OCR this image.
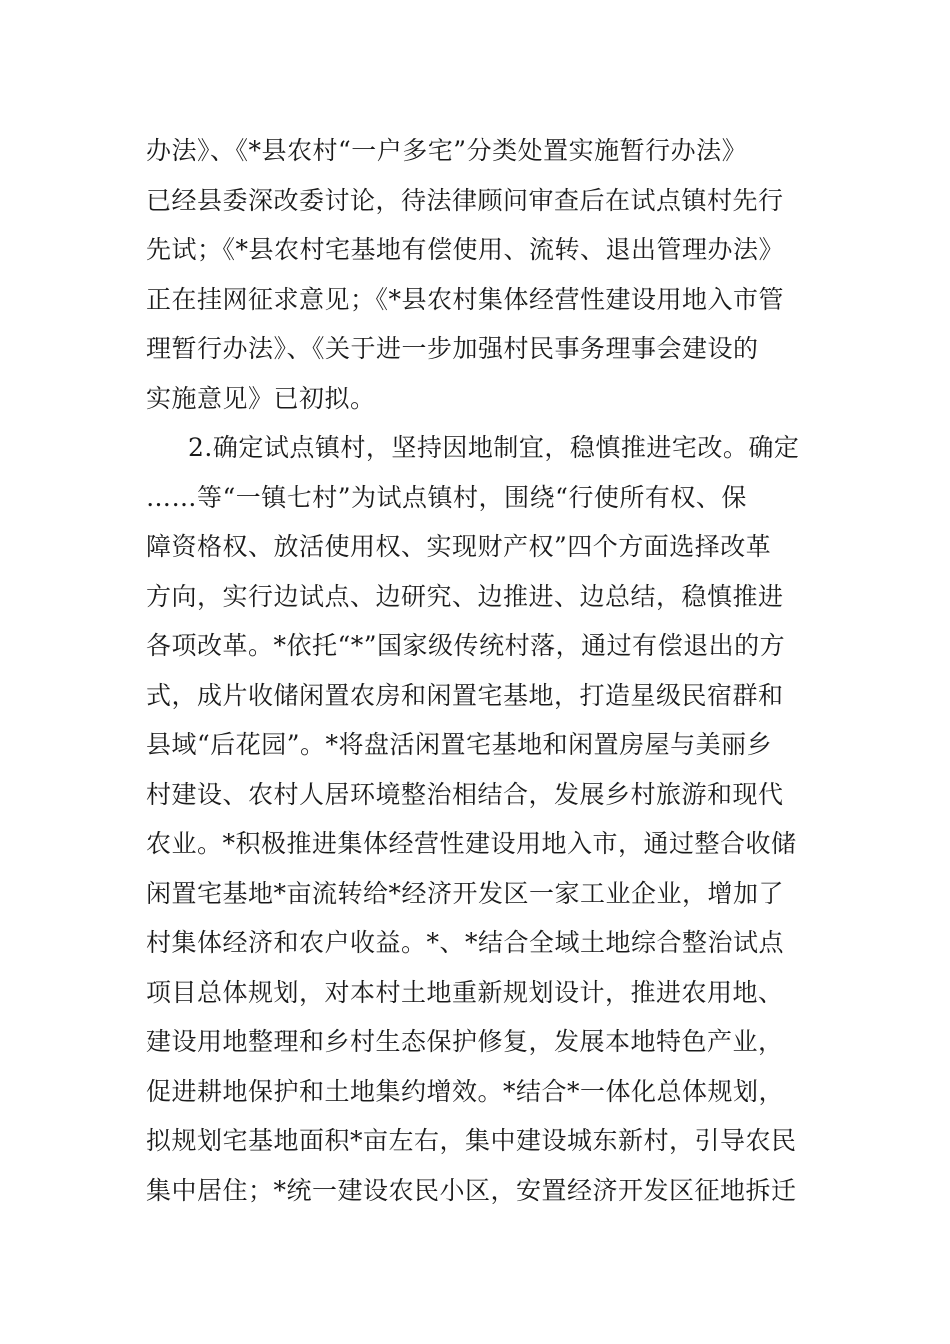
办法》、《*县农村“一户多宅”分类处置实施暂行办法》
已经县委深改委讨论，待法律顾问审查后在试点镇村先行
先试；《*县农村宅基地有偿使用、流转、退出管理办法》
正在挂网征求意见；《*县农村集体经营性建设用地入市管
理暂行办法》、《关于进一步加强村民事务理事会建设的
实施意见》已初拟。
2.确定试点镇村，坚持因地制宜，稳慎推进宅改。确定
……等“一镇七村”为试点镇村，围绕“行使所有权、保
障资格权、放活使用权、实现财产权”四个方面选择改革
方向，实行边试点、边研究、边推进、边总结，稳慎推进
各项改革。*依托“*”国家级传统村落，通过有偿退出的方
式，成片收储闲置农房和闲置宅基地，打造星级民宿群和
县域“后花园”。*将盘活闲置宅基地和闲置房屋与美丽乡
村建设、农村人居环境整治相结合，发展乡村旅游和现代
农业。*积极推进集体经营性建设用地入市，通过整合收储
闲置宅基地*亩流转给*经济开发区一家工业企业，增加了
村集体经济和农户收益。*、*结合全域土地综合整治试点
项目总体规划，对本村土地重新规划设计，推进农用地、
建设用地整理和乡村生态保护修复，发展本地特色产业，
促进耕地保护和土地集约增效。*结合*一体化总体规划，
拟规划宅基地面积*亩左右，集中建设城东新村，引导农民
集中居住；*统一建设农民小区，安置经济开发区征地拆迁
